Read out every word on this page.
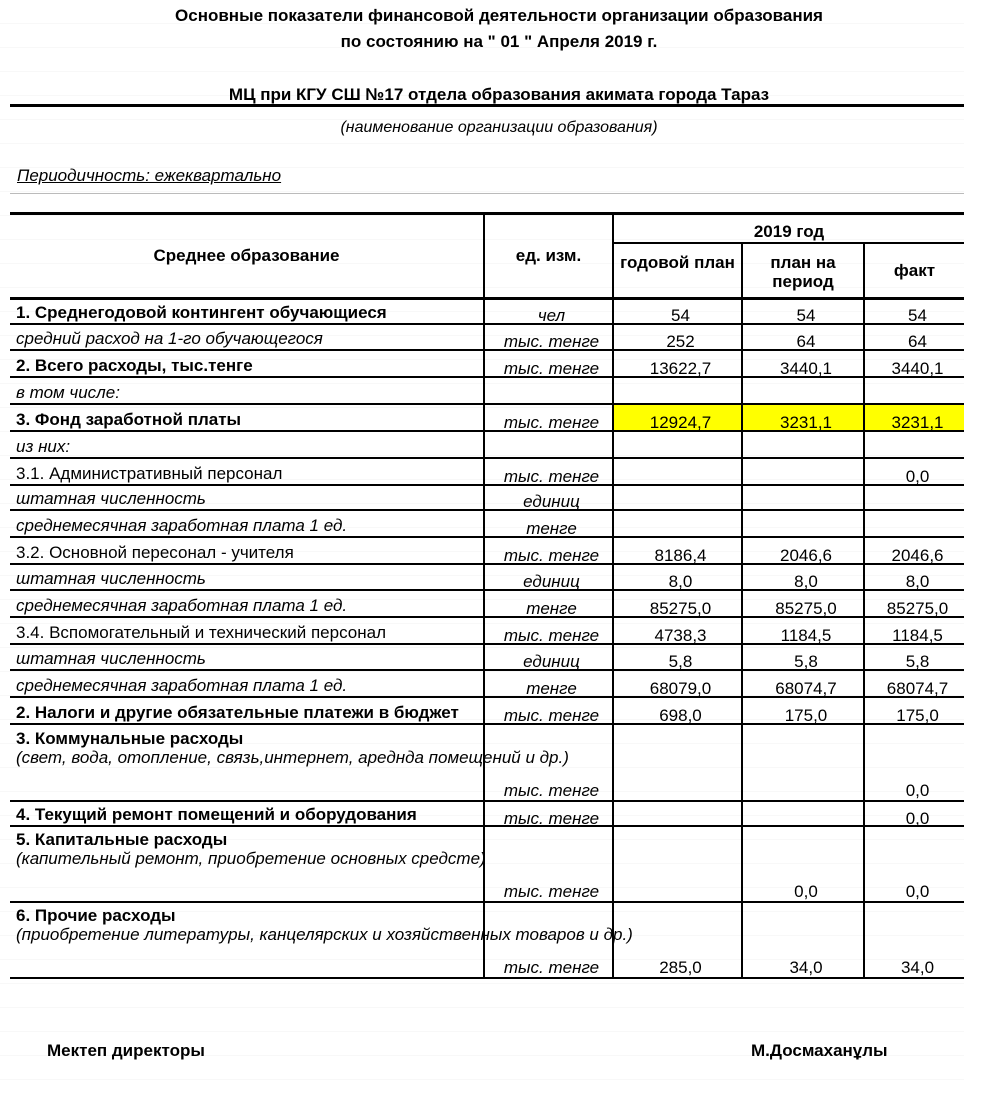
Основные показатели финансовой деятельности организации образования
по состоянию на " 01 " Апреля 2019 г.
МЦ при КГУ СШ №17 отдела образования акимата города Тараз
(наименование организации образования)
Периодичность: ежеквартально
Среднее образование	ед. изм.	2019 год		

		годовой план	план на период	факт

1. Среднегодовой контингент обучающиеся	чел	54	54	54

средний расход на 1-го обучающегося	тыс. тенге	252	64	64

2. Всего расходы, тыс.тенге	тыс. тенге	13622,7	3440,1	3440,1

в том числе:				

3. Фонд заработной платы	тыс. тенге	12924,7	3231,1	3231,1

из них:				

3.1. Административный персонал	тыс. тенге			0,0

штатная численность	единиц			

среднемесячная заработная плата 1 ед.	тенге			

3.2. Основной пересонал - учителя	тыс. тенге	8186,4	2046,6	2046,6

штатная численность	единиц	8,0	8,0	8,0

среднемесячная заработная плата 1 ед.	тенге	85275,0	85275,0	85275,0

3.4. Вспомогательный и технический персонал	тыс. тенге	4738,3	1184,5	1184,5

штатная численность	единиц	5,8	5,8	5,8

среднемесячная заработная плата 1 ед.	тенге	68079,0	68074,7	68074,7

2. Налоги и другие обязательные платежи в бюджет	тыс. тенге	698,0	175,0	175,0

3. Коммунальные расходы
(свет, вода, отопление, связь,интернет, ареднда помещений и др.)	тыс. тенге			0,0

4. Текущий ремонт помещений и оборудования	тыс. тенге			0,0

5. Капитальные расходы
(капительный ремонт, приобретение основных средстe)	тыс. тенге		0,0	0,0

6. Прочие расходы
(приобретение литературы, канцелярских и хозяйственных товаров и др.)	тыс. тенге	285,0	34,0	34,0
Мектеп директоры	М.Досмаханұлы
